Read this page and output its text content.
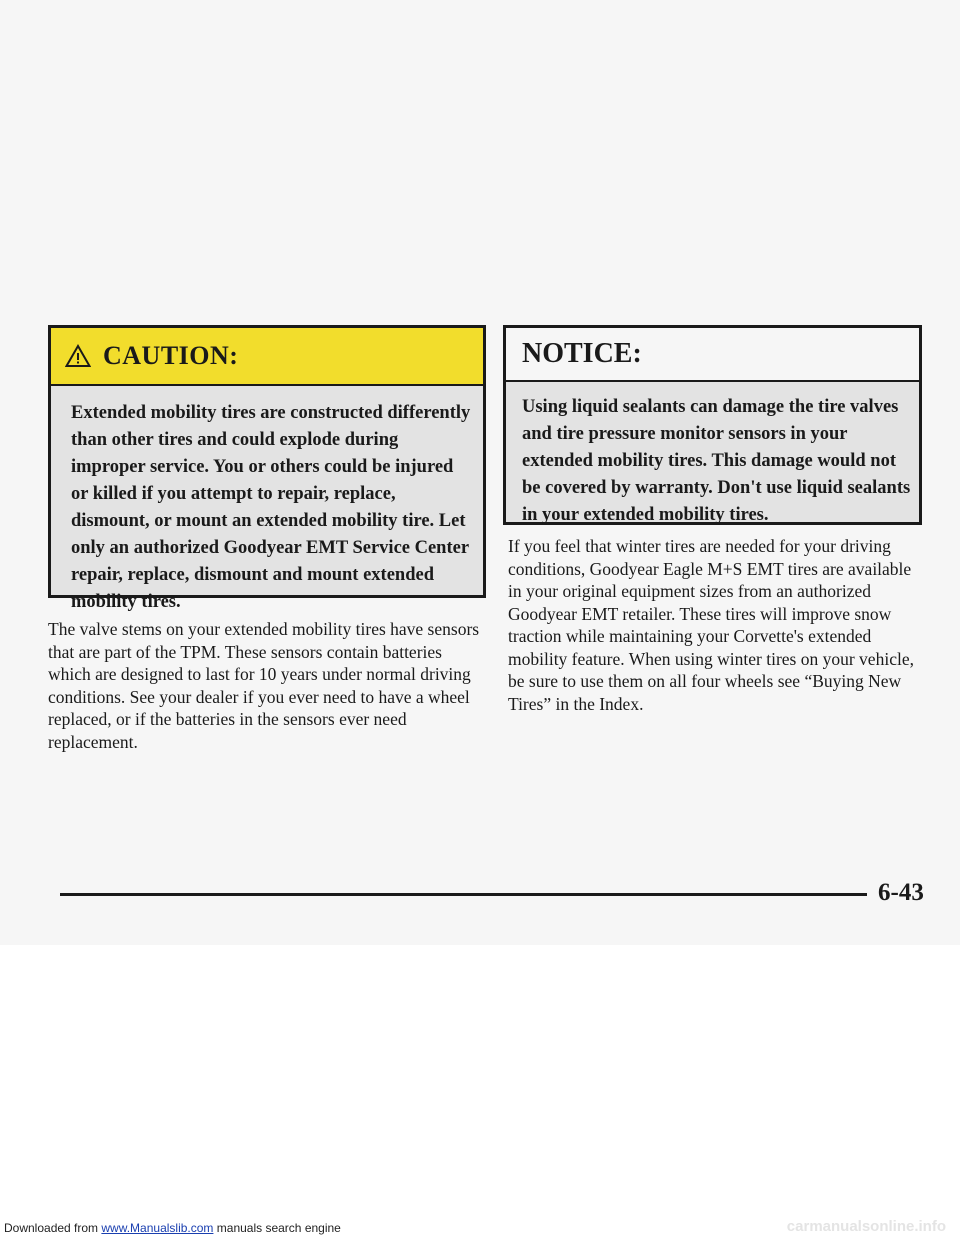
CAUTION:
Extended mobility tires are constructed differently than other tires and could explode during improper service. You or others could be injured or killed if you attempt to repair, replace, dismount, or mount an extended mobility tire. Let only an authorized Goodyear EMT Service Center repair, replace, dismount and mount extended mobility tires.
NOTICE:
Using liquid sealants can damage the tire valves and tire pressure monitor sensors in your extended mobility tires. This damage would not be covered by warranty. Don't use liquid sealants in your extended mobility tires.

The valve stems on your extended mobility tires have sensors that are part of the TPM. These sensors contain batteries which are designed to last for 10 years under normal driving conditions. See your dealer if you ever need to have a wheel replaced, or if the batteries in the sensors ever need replacement.

If you feel that winter tires are needed for your driving conditions, Goodyear Eagle M+S EMT tires are available in your original equipment sizes from an authorized Goodyear EMT retailer. These tires will improve snow traction while maintaining your Corvette's extended mobility feature. When using winter tires on your vehicle, be sure to use them on all four wheels see “Buying New Tires” in the Index.

6-43
Downloaded from www.Manualslib.com manuals search engine	carmanualsonline.info
